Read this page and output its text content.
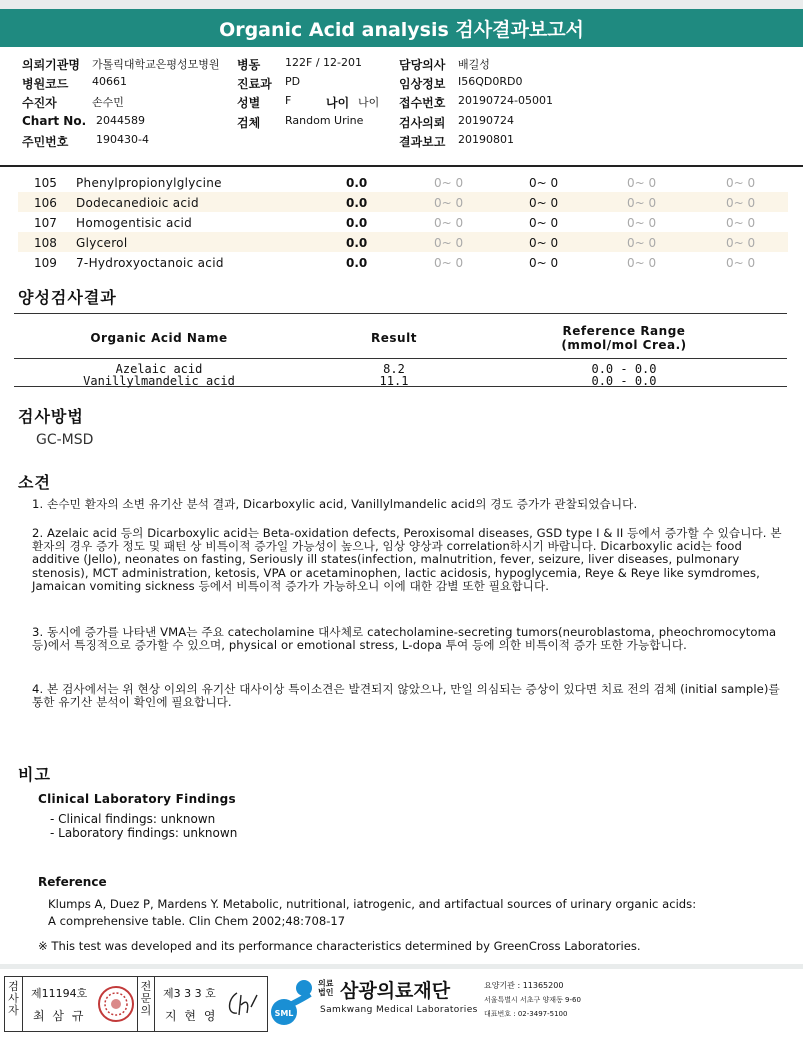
Organic Acid analysis 검사결과보고서
의뢰기관명 가톨릭대학교은평성모병원 병동 122F / 12-201	담당의사 배길성
병원코드 40661	진료과 PD	임상정보 I56QD0RD0
수진자	손수민	성별 F	나이 나이 접수번호 20190724-05001
Chart No. 2044589	검체 Random Urine	검사의뢰 20190724
주민번호	190430-4	결과보고 20190801
105 Phenylpropionylglycine	0.0	0~ 0	0~ 0	0~ 0	0~ 0
106 Dodecanedioic acid	0.0	0~ 0	0~ 0	0~ 0	0~ 0
107 Homogentisic acid	0.0	0~ 0	0~ 0	0~ 0	0~ 0
108 Glycerol	0.0	0~ 0	0~ 0	0~ 0	0~ 0
109 7-Hydroxyoctanoic acid	0.0	0~ 0	0~ 0	0~ 0	0~ 0
양성검사결과
Organic Acid Name	Result	Reference Range
(mmol/mol Crea.)
Azelaic acid	8.2	0.0 - 0.0
Vanillylmandelic acid	11.1	0.0 - 0.0
검사방법
GC-MSD
소견
1. 손수민 환자의 소변 유기산 분석 결과, Dicarboxylic acid, Vanillylmandelic acid의 경도 증가가 관찰되었습니다.
2. Azelaic acid 등의 Dicarboxylic acid는 Beta-oxidation defects, Peroxisomal diseases, GSD type I & II 등에서 증가할 수 있습니다. 본 환자의 경우 증가 정도 및 패턴 상 비특이적 증가일 가능성이 높으나, 임상 양상과 correlation하시기 바랍니다. Dicarboxylic acid는 food additive (Jello), neonates on fasting, Seriously ill states(infection, malnutrition, fever, seizure, liver diseases, pulmonary stenosis), MCT administration, ketosis, VPA or acetaminophen, lactic acidosis, hypoglycemia, Reye & Reye like symdromes, Jamaican vomiting sickness 등에서 비특이적 증가가 가능하오니 이에 대한 감별 또한 필요합니다.
3. 동시에 증가를 나타낸 VMA는 주요 catecholamine 대사체로 catecholamine-secreting tumors(neuroblastoma, pheochromocytoma 등)에서 특징적으로 증가할 수 있으며, physical or emotional stress, L-dopa 투여 등에 의한 비특이적 증가 또한 가능합니다.
4. 본 검사에서는 위 현상 이외의 유기산 대사이상 특이소견은 발견되지 않았으나, 만일 의심되는 증상이 있다면 치료 전의 검체 (initial sample)를 통한 유기산 분석이 확인에 필요합니다.
비고
Clinical Laboratory Findings
- Clinical findings: unknown
- Laboratory findings: unknown
Reference
Klumps A, Duez P, Mardens Y. Metabolic, nutritional, iatrogenic, and artifactual sources of urinary organic acids:
A comprehensive table. Clin Chem 2002;48:708-17
※ This test was developed and its performance characteristics determined by GreenCross Laboratories.
검사자
제11194호
최 삼 규
전문의
제3 3 3 호
지 현 영	SML
의료법인 삼광의료재단
Samkwang Medical Laboratories
요양기관 : 11365200
서울특별시 서초구 양재동 9-60
대표번호 : 02-3497-5100
